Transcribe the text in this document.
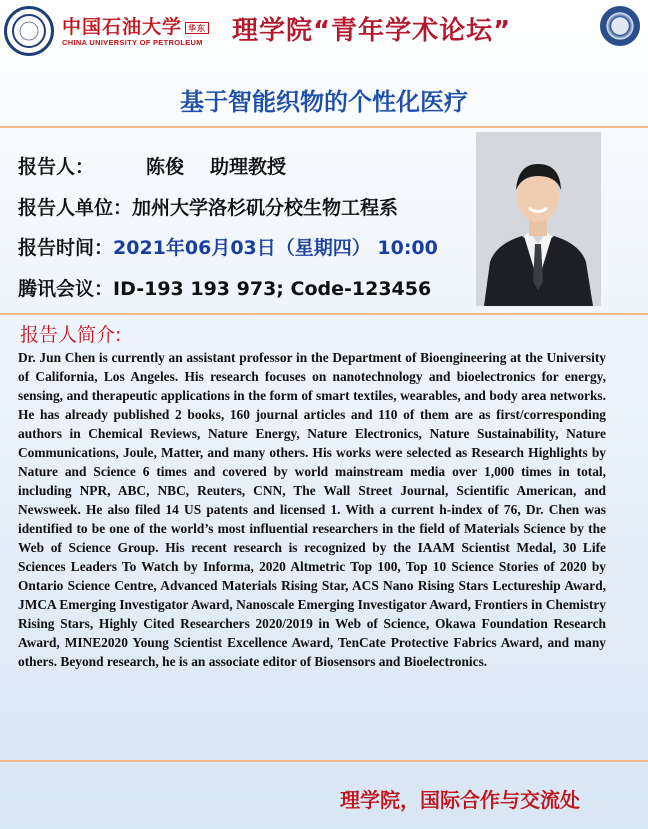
中国石油大学 华东
CHINA UNIVERSITY OF PETROLEUM 理学院“青年学术论坛”
基于智能织物的个性化医疗
报告人：	陈俊 助理教授
报告人单位：加州大学洛杉矶分校生物工程系
报告时间：2021年06月03日（星期四） 10:00
腾讯会议：ID-193 193 973; Code-123456
报告人简介:
Dr. Jun Chen is currently an assistant professor in the Department of Bioengineering at the University of California, Los Angeles. His research focuses on nanotechnology and bioelectronics for energy, sensing, and therapeutic applications in the form of smart textiles, wearables, and body area networks. He has already published 2 books, 160 journal articles and 110 of them are as first/corresponding authors in Chemical Reviews, Nature Energy, Nature Electronics, Nature Sustainability, Nature Communications, Joule, Matter, and many others. His works were selected as Research Highlights by Nature and Science 6 times and covered by world mainstream media over 1,000 times in total, including NPR, ABC, NBC, Reuters, CNN, The Wall Street Journal, Scientific American, and Newsweek. He also filed 14 US patents and licensed 1. With a current h-index of 76, Dr. Chen was identified to be one of the world’s most influential researchers in the field of Materials Science by the Web of Science Group. His recent research is recognized by the IAAM Scientist Medal, 30 Life Sciences Leaders To Watch by Informa, 2020 Altmetric Top 100, Top 10 Science Stories of 2020 by Ontario Science Centre, Advanced Materials Rising Star, ACS Nano Rising Stars Lectureship Award, JMCA Emerging Investigator Award, Nanoscale Emerging Investigator Award, Frontiers in Chemistry Rising Stars, Highly Cited Researchers 2020/2019 in Web of Science, Okawa Foundation Research Award, MINE2020 Young Scientist Excellence Award, TenCate Protective Fabrics Award, and many others. Beyond research, he is an associate editor of Biosensors and Bioelectronics.
理学院，国际合作与交流处
